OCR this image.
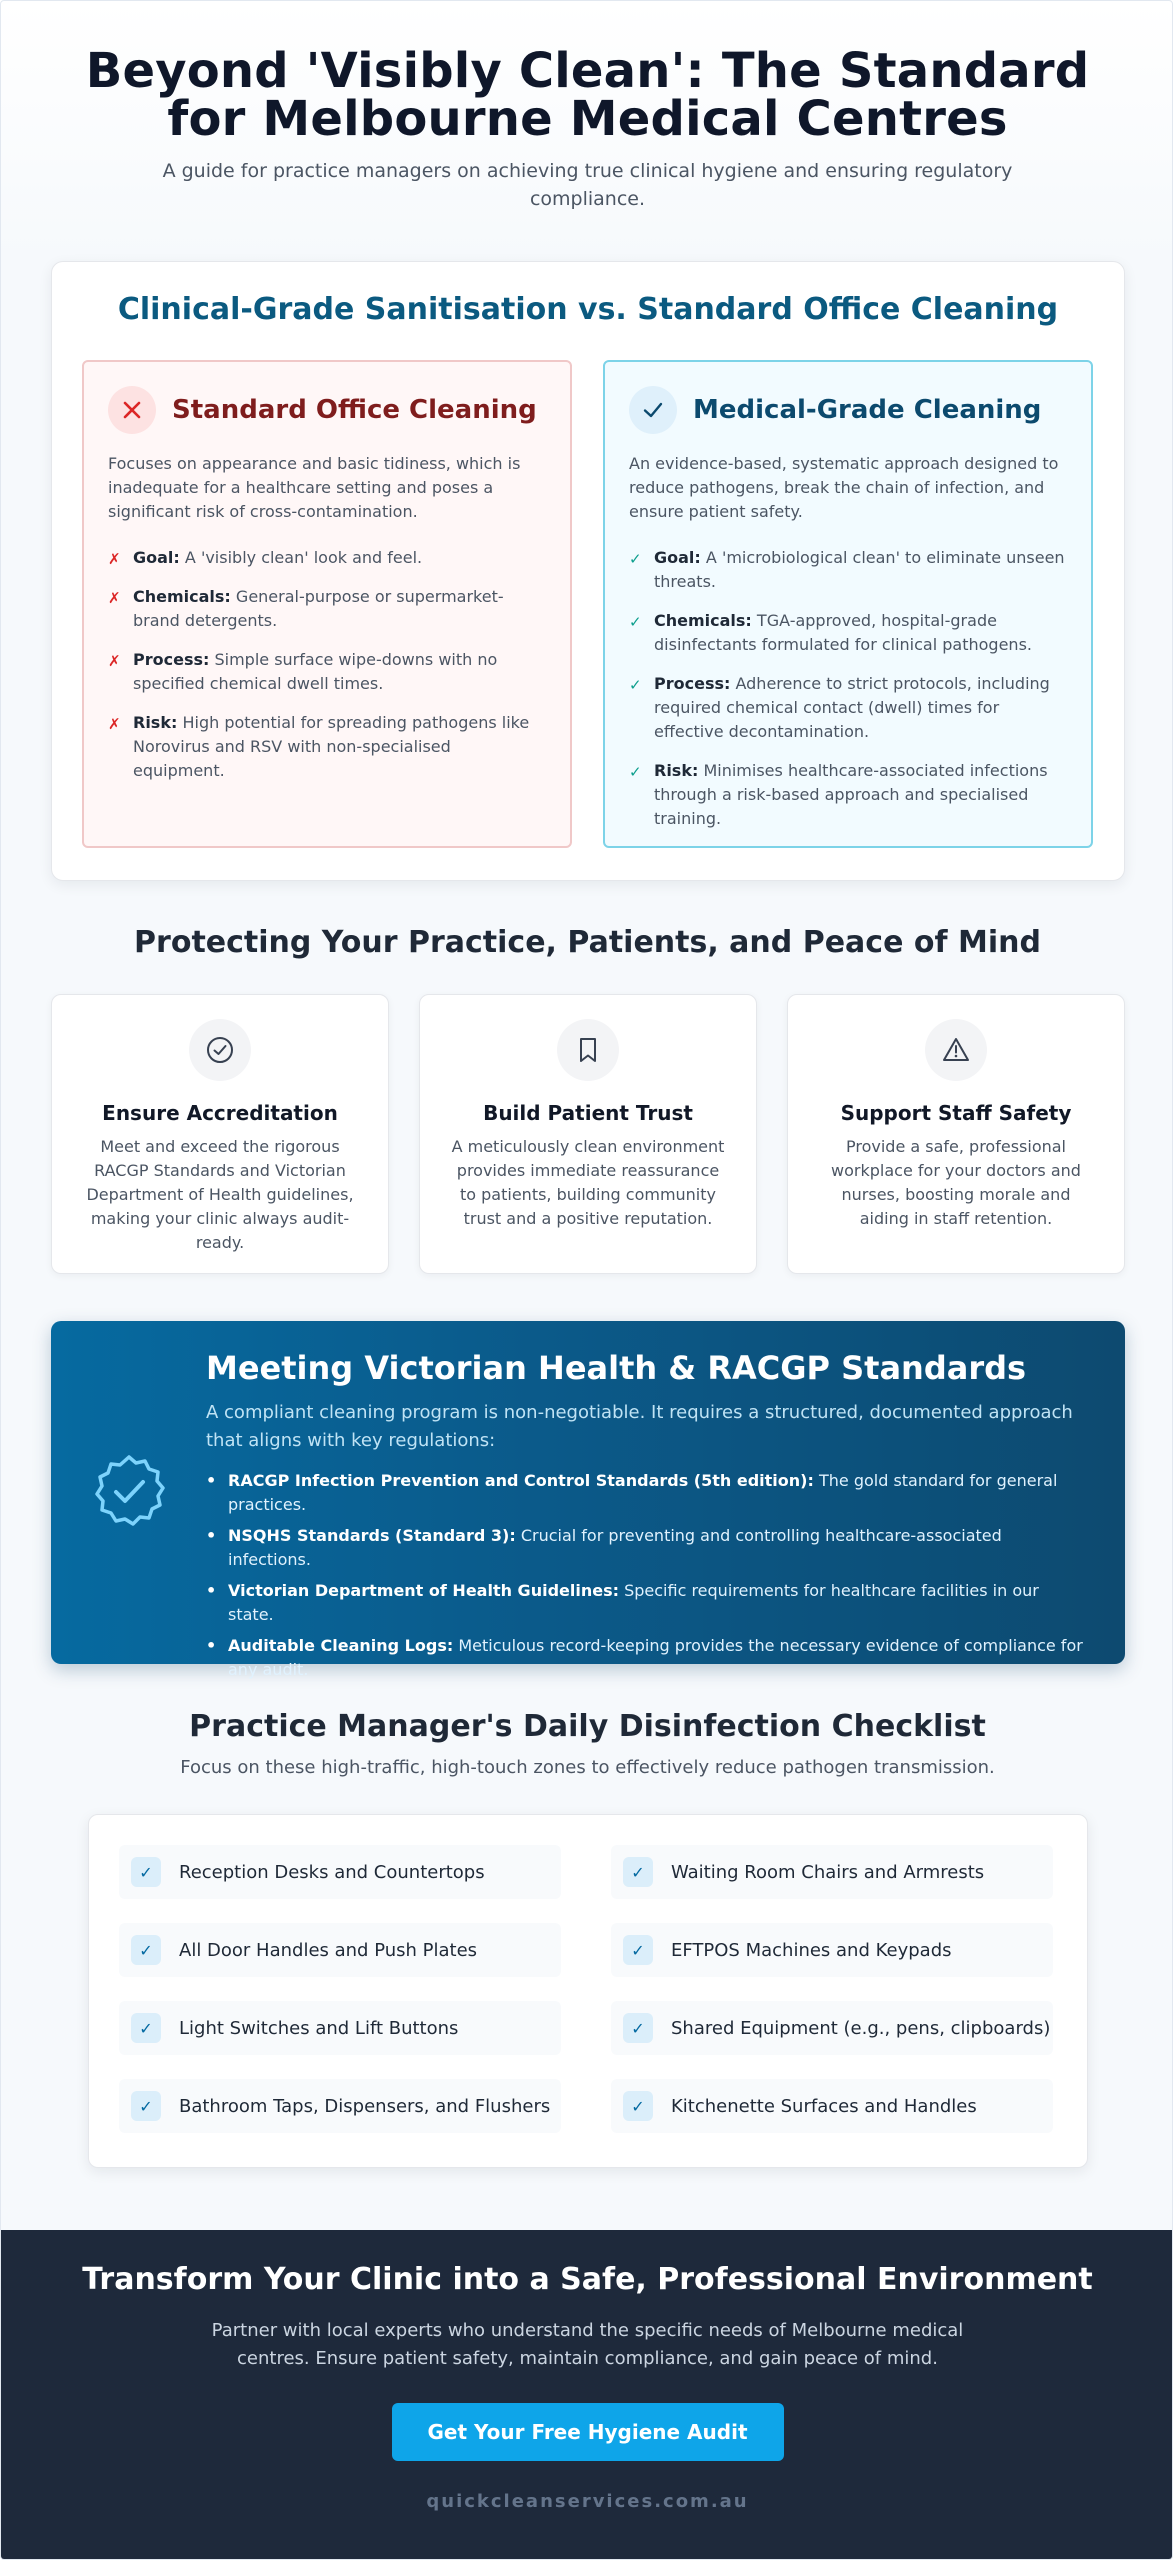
Beyond 'Visibly Clean': The Standard for Melbourne Medical Centres

A guide for practice managers on achieving true clinical hygiene and ensuring regulatory compliance.

Clinical-Grade Sanitisation vs. Standard Office Cleaning
Standard Office Cleaning

Focuses on appearance and basic tidiness, which is inadequate for a healthcare setting and poses a significant risk of cross-contamination.

✗ Goal: A 'visibly clean' look and feel.
✗ Chemicals: General-purpose or supermarket-brand detergents.
✗ Process: Simple surface wipe-downs with no specified chemical dwell times.
✗ Risk: High potential for spreading pathogens like Norovirus and RSV with non-specialised equipment.
Medical-Grade Cleaning

An evidence-based, systematic approach designed to reduce pathogens, break the chain of infection, and ensure patient safety.

✓ Goal: A 'microbiological clean' to eliminate unseen threats.
✓ Chemicals: TGA-approved, hospital-grade disinfectants formulated for clinical pathogens.
✓ Process: Adherence to strict protocols, including required chemical contact (dwell) times for effective decontamination.
✓ Risk: Minimises healthcare-associated infections through a risk-based approach and specialised training.
Protecting Your Practice, Patients, and Peace of Mind
Ensure Accreditation

Meet and exceed the rigorous RACGP Standards and Victorian Department of Health guidelines, making your clinic always audit-ready.

Build Patient Trust

A meticulously clean environment provides immediate reassurance to patients, building community trust and a positive reputation.

Support Staff Safety

Provide a safe, professional workplace for your doctors and nurses, boosting morale and aiding in staff retention.

Meeting Victorian Health & RACGP Standards

A compliant cleaning program is non-negotiable. It requires a structured, documented approach that aligns with key regulations:

• RACGP Infection Prevention and Control Standards (5th edition): The gold standard for general practices.
• NSQHS Standards (Standard 3): Crucial for preventing and controlling healthcare-associated infections.
• Victorian Department of Health Guidelines: Specific requirements for healthcare facilities in our state.
• Auditable Cleaning Logs: Meticulous record-keeping provides the necessary evidence of compliance for any audit.
Practice Manager's Daily Disinfection Checklist

Focus on these high-traffic, high-touch zones to effectively reduce pathogen transmission.

✓	Reception Desks and Countertops	✓	Waiting Room Chairs and Armrests
✓	All Door Handles and Push Plates	✓	EFTPOS Machines and Keypads
✓	Light Switches and Lift Buttons	✓	Shared Equipment (e.g., pens, clipboards)
✓	Bathroom Taps, Dispensers, and Flushers	✓	Kitchenette Surfaces and Handles
Transform Your Clinic into a Safe, Professional Environment

Partner with local experts who understand the specific needs of Melbourne medical centres. Ensure patient safety, maintain compliance, and gain peace of mind.

Get Your Free Hygiene Audit
quickcleanservices.com.au
